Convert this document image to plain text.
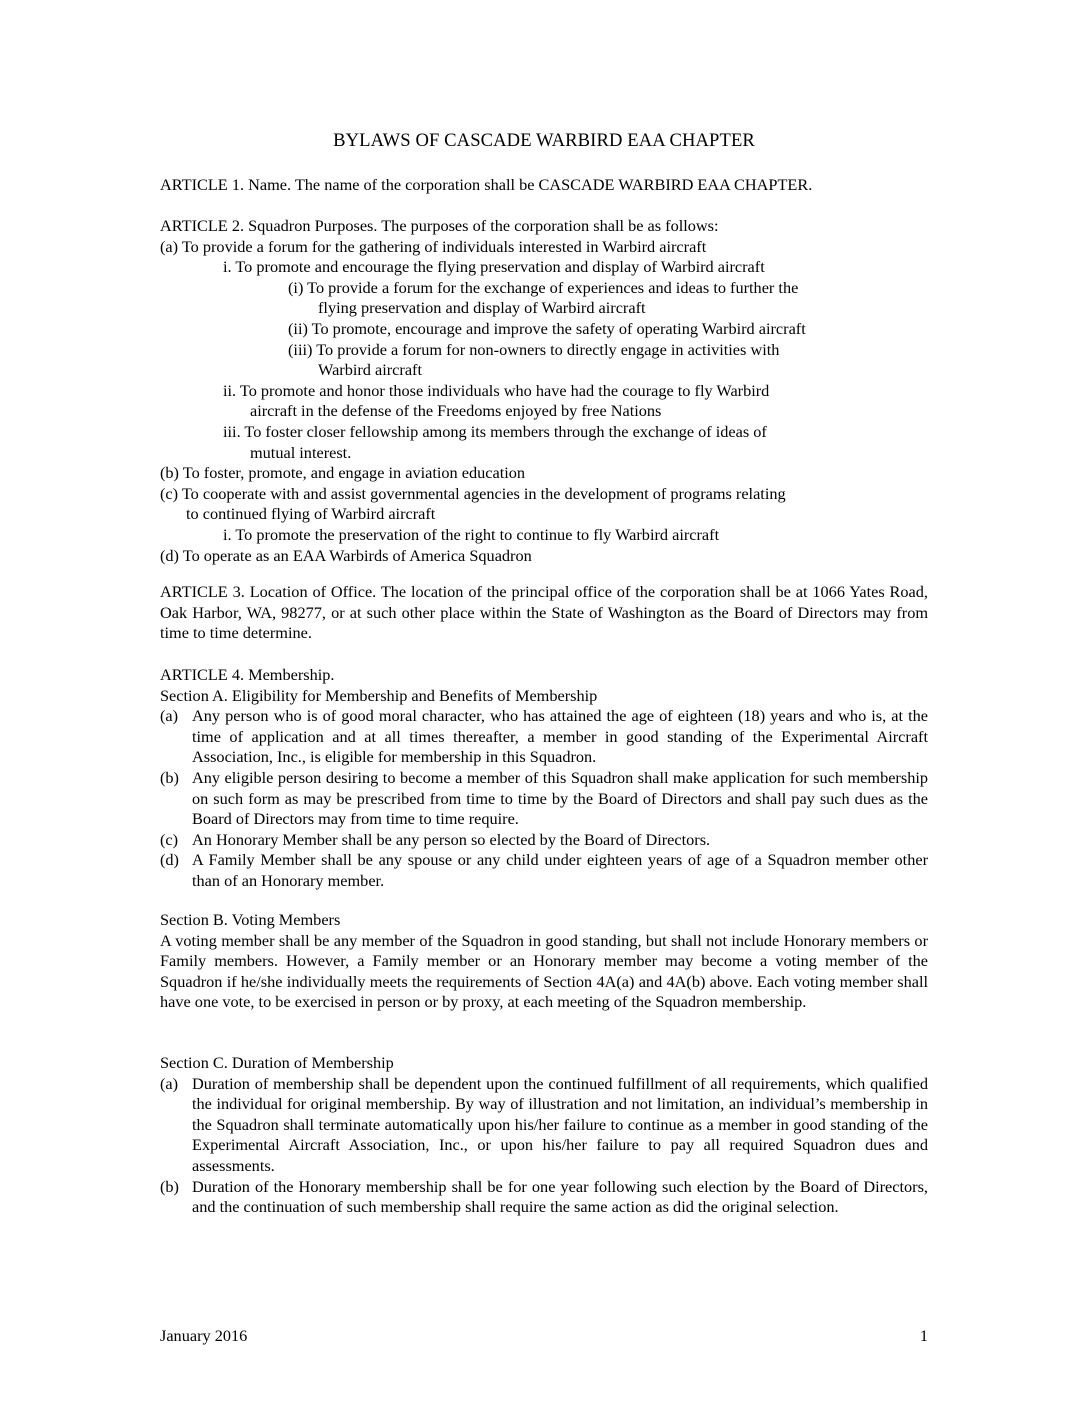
BYLAWS OF CASCADE WARBIRD EAA CHAPTER
ARTICLE 1. Name. The name of the corporation shall be CASCADE WARBIRD EAA CHAPTER.
ARTICLE 2. Squadron Purposes. The purposes of the corporation shall be as follows:
(a) To provide a forum for the gathering of individuals interested in Warbird aircraft
i. To promote and encourage the flying preservation and display of Warbird aircraft
(i) To provide a forum for the exchange of experiences and ideas to further the
flying preservation and display of Warbird aircraft
(ii) To promote, encourage and improve the safety of operating Warbird aircraft
(iii) To provide a forum for non-owners to directly engage in activities with
Warbird aircraft
ii. To promote and honor those individuals who have had the courage to fly Warbird
aircraft in the defense of the Freedoms enjoyed by free Nations
iii. To foster closer fellowship among its members through the exchange of ideas of
mutual interest.
(b) To foster, promote, and engage in aviation education
(c) To cooperate with and assist governmental agencies in the development of programs relating
to continued flying of Warbird aircraft
i. To promote the preservation of the right to continue to fly Warbird aircraft
(d) To operate as an EAA Warbirds of America Squadron
ARTICLE 3. Location of Office. The location of the principal office of the corporation shall be at 1066 Yates Road, Oak Harbor, WA, 98277, or at such other place within the State of Washington as the Board of Directors may from time to time determine.
ARTICLE 4. Membership.
Section A. Eligibility for Membership and Benefits of Membership
(a) Any person who is of good moral character, who has attained the age of eighteen (18) years and who is, at the time of application and at all times thereafter, a member in good standing of the Experimental Aircraft Association, Inc., is eligible for membership in this Squadron.
(b) Any eligible person desiring to become a member of this Squadron shall make application for such membership on such form as may be prescribed from time to time by the Board of Directors and shall pay such dues as the Board of Directors may from time to time require.
(c) An Honorary Member shall be any person so elected by the Board of Directors.
(d) A Family Member shall be any spouse or any child under eighteen years of age of a Squadron member other than of an Honorary member.
Section B. Voting Members
A voting member shall be any member of the Squadron in good standing, but shall not include Honorary members or Family members. However, a Family member or an Honorary member may become a voting member of the Squadron if he/she individually meets the requirements of Section 4A(a) and 4A(b) above. Each voting member shall have one vote, to be exercised in person or by proxy, at each meeting of the Squadron membership.
Section C. Duration of Membership
(a) Duration of membership shall be dependent upon the continued fulfillment of all requirements, which qualified the individual for original membership. By way of illustration and not limitation, an individual’s membership in the Squadron shall terminate automatically upon his/her failure to continue as a member in good standing of the Experimental Aircraft Association, Inc., or upon his/her failure to pay all required Squadron dues and assessments.
(b) Duration of the Honorary membership shall be for one year following such election by the Board of Directors, and the continuation of such membership shall require the same action as did the original selection.
January 2016	1
